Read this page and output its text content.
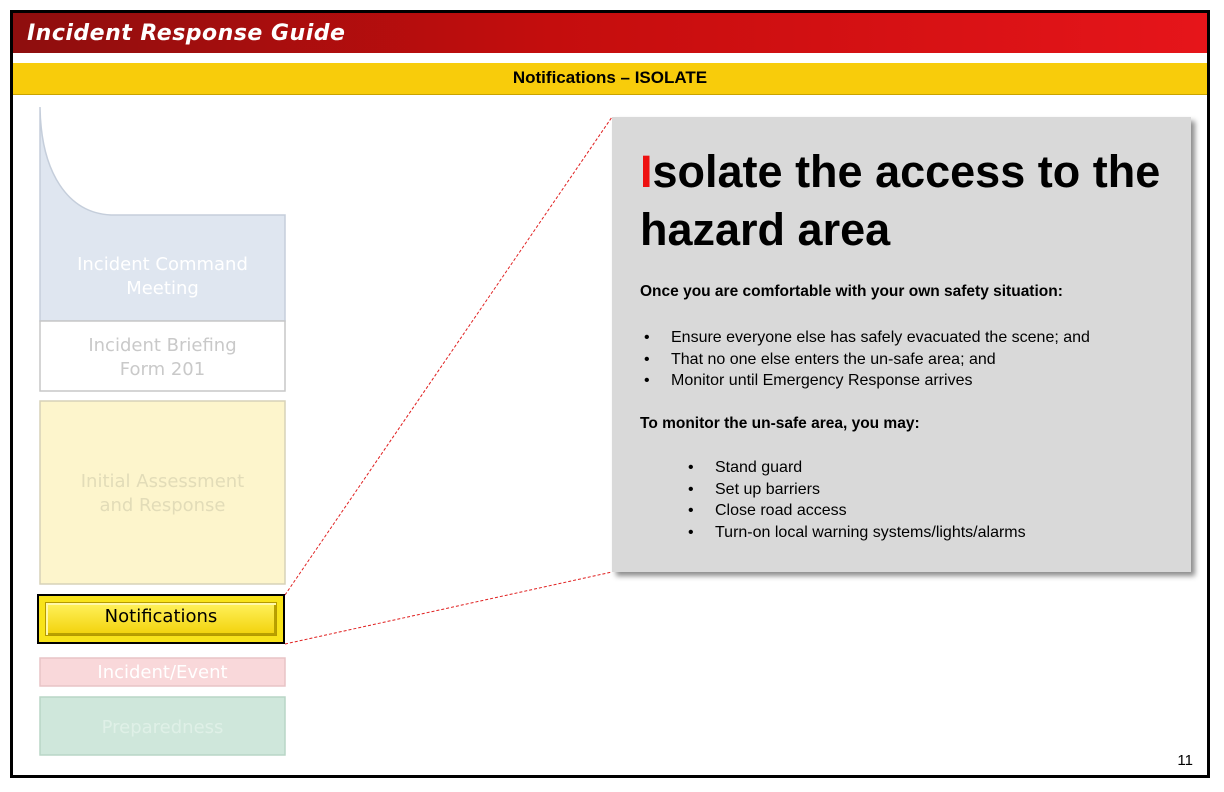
Incident Response Guide
Notifications – ISOLATE
Incident Command
Meeting
Incident Briefing
Form 201
Initial Assessment
and Response
Notifications
Incident/Event
Preparedness
Isolate the access to the hazard area
Once you are comfortable with your own safety situation:
• Ensure everyone else has safely evacuated the scene; and
• That no one else enters the un-safe area; and
• Monitor until Emergency Response arrives
To monitor the un-safe area, you may:
• Stand guard
• Set up barriers
• Close road access
• Turn-on local warning systems/lights/alarms
11
